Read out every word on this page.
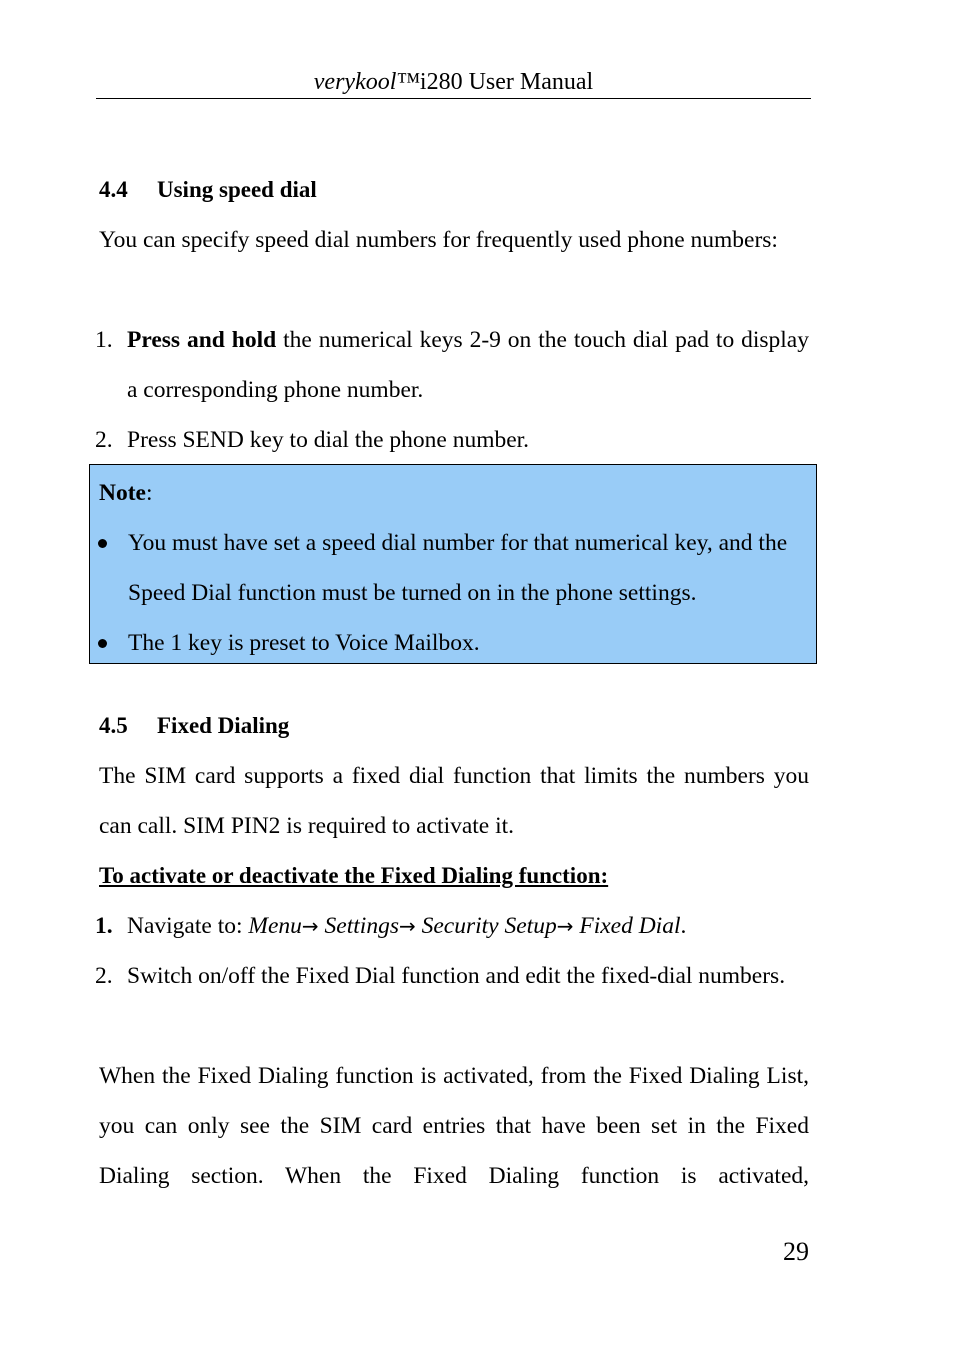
verykool™i280 User Manual
4.4 Using speed dial
You can specify speed dial numbers for frequently used phone numbers:
1. Press and hold the numerical keys 2-9 on the touch dial pad to display a corresponding phone number.
2. Press SEND key to dial the phone number.
Note:
You must have set a speed dial number for that numerical key, and the Speed Dial function must be turned on in the phone settings.
The 1 key is preset to Voice Mailbox.
4.5 Fixed Dialing
The SIM card supports a fixed dial function that limits the numbers you can call. SIM PIN2 is required to activate it.
To activate or deactivate the Fixed Dialing function:
1. Navigate to: Menu→ Settings→ Security Setup→ Fixed Dial.
2. Switch on/off the Fixed Dial function and edit the fixed-dial numbers.
When the Fixed Dialing function is activated, from the Fixed Dialing List, you can only see the SIM card entries that have been set in the Fixed Dialing section. When the Fixed Dialing function is activated,
29
